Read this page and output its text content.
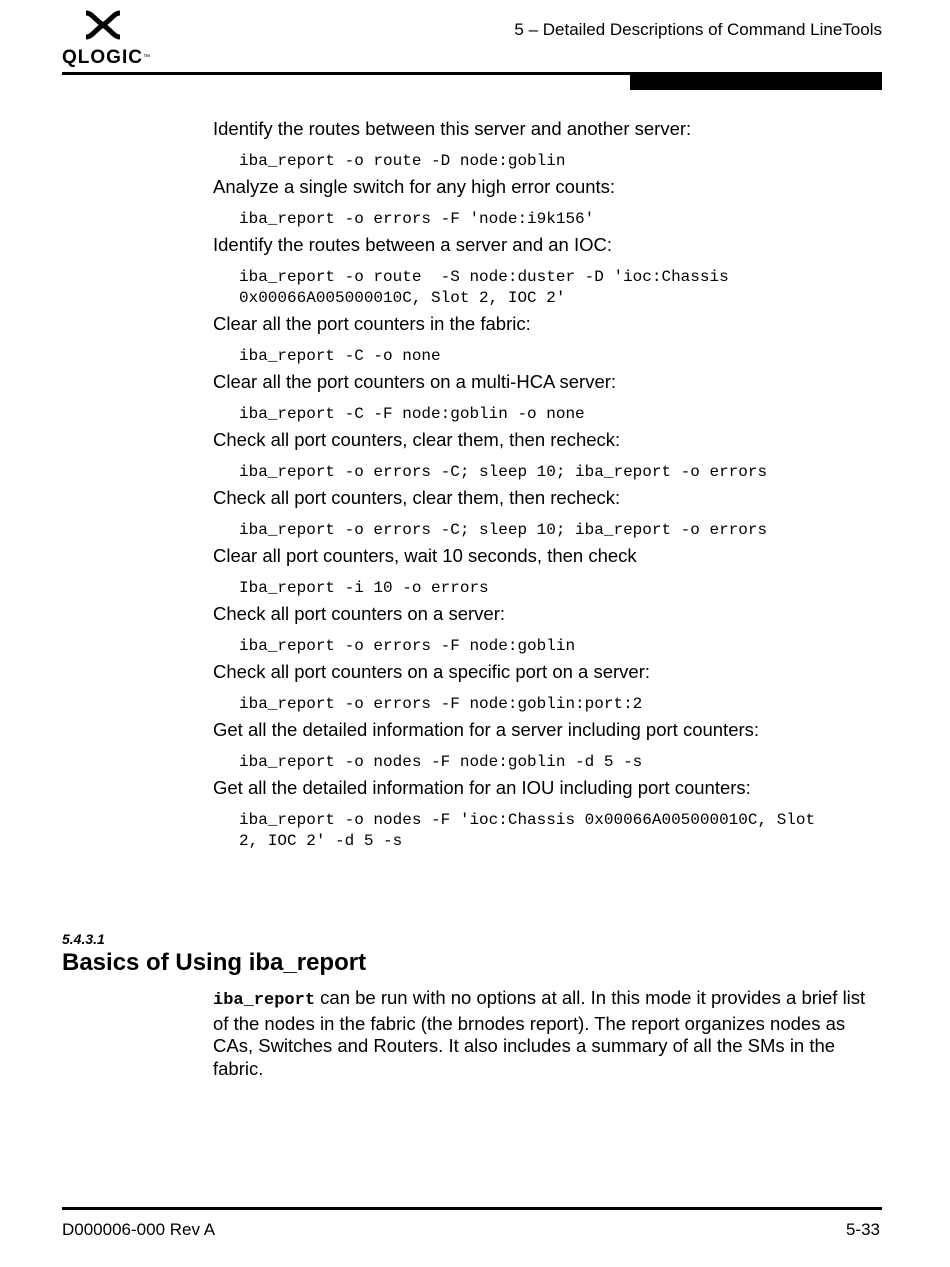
QLOGIC™
5 – Detailed Descriptions of Command LineTools
Identify the routes between this server and another server:
iba_report -o route -D node:goblin
Analyze a single switch for any high error counts:
iba_report -o errors -F 'node:i9k156'
Identify the routes between a server and an IOC:
iba_report -o route  -S node:duster -D 'ioc:Chassis
0x00066A005000010C, Slot 2, IOC 2'
Clear all the port counters in the fabric:
iba_report -C -o none
Clear all the port counters on a multi-HCA server:
iba_report -C -F node:goblin -o none
Check all port counters, clear them, then recheck:
iba_report -o errors -C; sleep 10; iba_report -o errors
Check all port counters, clear them, then recheck:
iba_report -o errors -C; sleep 10; iba_report -o errors
Clear all port counters, wait 10 seconds, then check
Iba_report -i 10 -o errors
Check all port counters on a server:
iba_report -o errors -F node:goblin
Check all port counters on a specific port on a server:
iba_report -o errors -F node:goblin:port:2
Get all the detailed information for a server including port counters:
iba_report -o nodes -F node:goblin -d 5 -s
Get all the detailed information for an IOU including port counters:
iba_report -o nodes -F 'ioc:Chassis 0x00066A005000010C, Slot
2, IOC 2' -d 5 -s
5.4.3.1
Basics of Using iba_report
iba_report can be run with no options at all. In this mode it provides a brief list of the nodes in the fabric (the brnodes report). The report organizes nodes as CAs, Switches and Routers. It also includes a summary of all the SMs in the fabric.
D000006-000 Rev A	5-33
